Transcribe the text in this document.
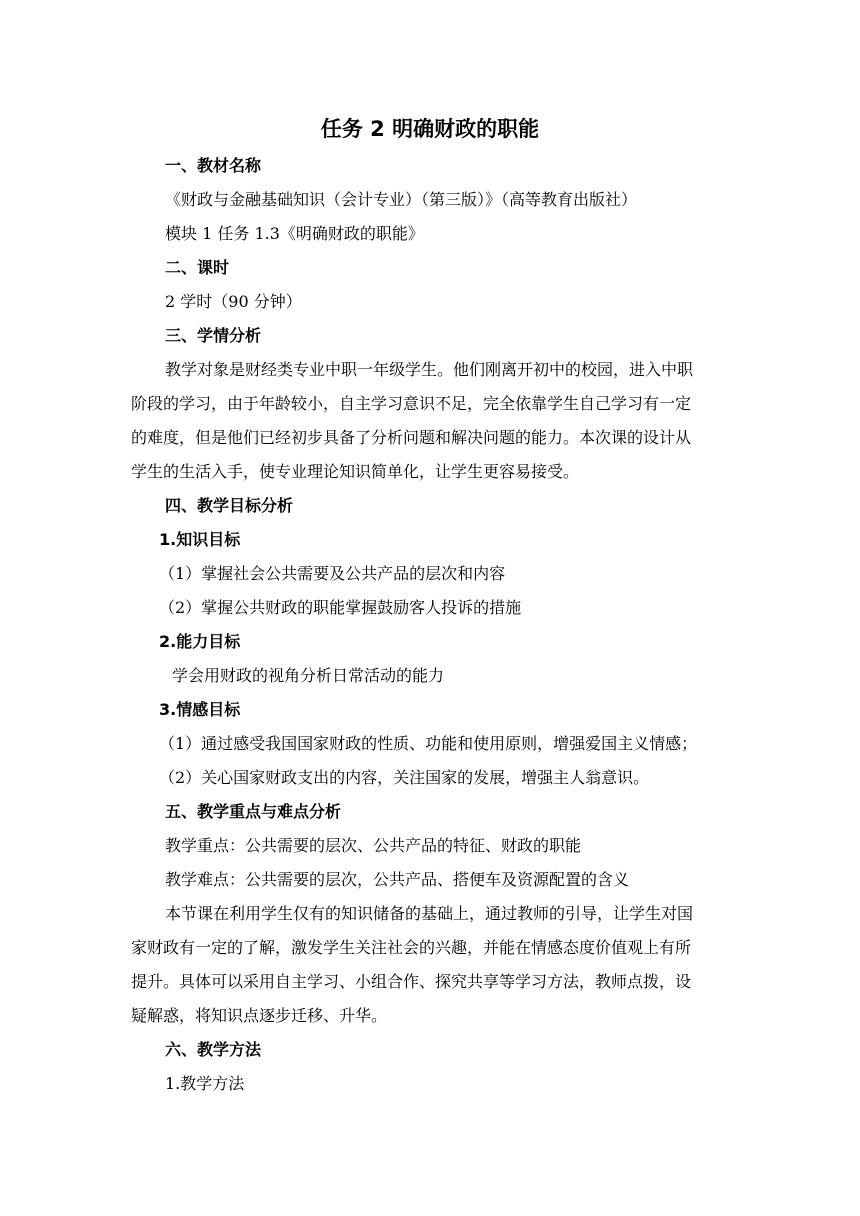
任务 2 明确财政的职能
一、教材名称
《财政与金融基础知识（会计专业）（第三版）》（高等教育出版社）
模块 1 任务 1.3《明确财政的职能》
二、课时
2 学时（90 分钟）
三、学情分析
教学对象是财经类专业中职一年级学生。他们刚离开初中的校园，进入中职
阶段的学习，由于年龄较小，自主学习意识不足，完全依靠学生自己学习有一定
的难度，但是他们已经初步具备了分析问题和解决问题的能力。本次课的设计从
学生的生活入手，使专业理论知识简单化，让学生更容易接受。
四、教学目标分析
1.知识目标
（1）掌握社会公共需要及公共产品的层次和内容
（2）掌握公共财政的职能掌握鼓励客人投诉的措施
2.能力目标
学会用财政的视角分析日常活动的能力
3.情感目标
（1）通过感受我国国家财政的性质、功能和使用原则，增强爱国主义情感；
（2）关心国家财政支出的内容，关注国家的发展，增强主人翁意识。
五、教学重点与难点分析
教学重点：公共需要的层次、公共产品的特征、财政的职能
教学难点：公共需要的层次，公共产品、搭便车及资源配置的含义
本节课在利用学生仅有的知识储备的基础上，通过教师的引导，让学生对国
家财政有一定的了解，激发学生关注社会的兴趣，并能在情感态度价值观上有所
提升。具体可以采用自主学习、小组合作、探究共享等学习方法，教师点拨，设
疑解惑，将知识点逐步迁移、升华。
六、教学方法
1.教学方法
